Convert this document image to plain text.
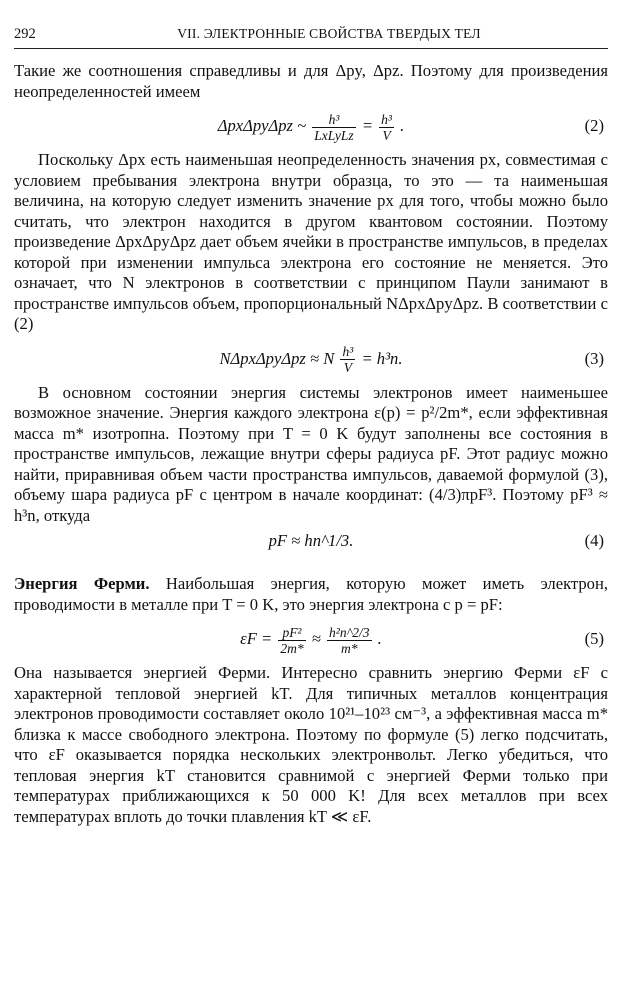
292	VII. ЭЛЕКТРОННЫЕ СВОЙСТВА ТВЕРДЫХ ТЕЛ

Такие же соотношения справедливы и для Δpy, Δpz. Поэтому для произведения неопределенностей имеем

ΔpxΔpyΔpz ~ $\frac{\text{h³}}{\text{LxLyLz}} = \frac{\text{h³}}{V}$ .	(2)

Поскольку Δpx есть наименьшая неопределенность значения px, совместимая с условием пребывания электрона внутри образца, то это — та наименьшая величина, на которую следует изменить значение px для того, чтобы можно было считать, что электрон находится в другом квантовом состоянии. Поэтому произведение ΔpxΔpyΔpz дает объем ячейки в пространстве импульсов, в пределах которой при изменении импульса электрона его состояние не меняется. Это означает, что N электронов в соответствии с принципом Паули занимают в пространстве импульсов объем, пропорциональный NΔpxΔpyΔpz. В соответствии с (2)

NΔpxΔpyΔpz ≈ N $\frac{\text{h³}}{V} = h^3n$.	(3)

В основном состоянии энергия системы электронов имеет наименьшее возможное значение. Энергия каждого электрона ε(p) = p²/2m*, если эффективная масса m* изотропна. Поэтому при T = 0 K будут заполнены все состояния в пространстве импульсов, лежащие внутри сферы радиуса pF. Этот радиус можно найти, приравнивая объем части пространства импульсов, даваемой формулой (3), объему шара радиуса pF с центром в начале координат: (4/3)πpF³. Поэтому pF³ ≈ h³n, откуда

pF ≈ hn^1/3.	(4)

Энергия Ферми. Наибольшая энергия, которую может иметь электрон, проводимости в металле при T = 0 K, это энергия электрона с p = pF:

$\varepsilon F = \frac{\text{pF²}}{2m*} \approx \frac{\text{h²n\textasciicircum{}2/3}}{m*}$ .	(5)

Она называется энергией Ферми. Интересно сравнить энергию Ферми εF с характерной тепловой энергией kT. Для типичных металлов концентрация электронов проводимости составляет около 10²¹–10²³ см⁻³, а эффективная масса m* близка к массе свободного электрона. Поэтому по формуле (5) легко подсчитать, что εF оказывается порядка нескольких электронвольт. Легко убедиться, что тепловая энергия kT становится сравнимой с энергией Ферми только при температурах приближающихся к 50 000 K! Для всех металлов при всех температурах вплоть до точки плавления kT ≪ εF.
